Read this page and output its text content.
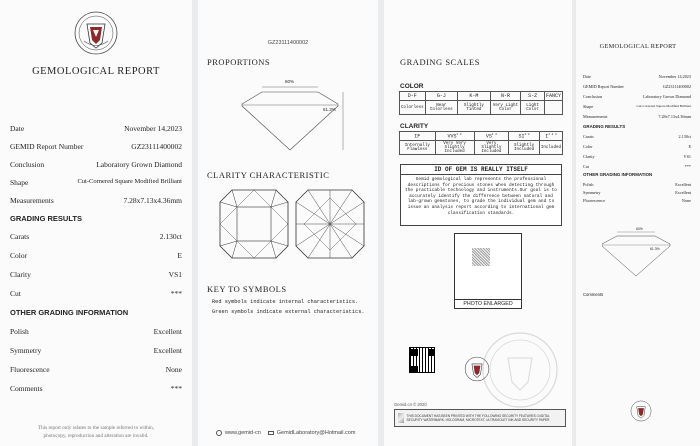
GEMOLOGICAL REPORT
Date	November 14,2023
GEMID Report Number	GZ23111400002
Conclusion	Laboratory Grown Diamond
Shape	Cut-Cornered Square Modified Brilliant
Measurements	7.28x7.13x4.36mm
GRADING RESULTS
Carats	2.130ct
Color	E
Clarity	VS1
Cut	***
OTHER GRADING INFORMATION
Polish	Excellent
Symmetry	Excellent
Fluorescence	None
Comments	***
This report only relates to the sample referred to within,
photocopy, reproduction and alteration are invalid.
GZ23111400002
PROPORTIONS
60%
61.3%
CLARITY CHARACTERISTIC
KEY TO SYMBOLS
Red symbols indicate internal characteristics.
Green symbols indicate external characteristics.
www.gemid-cn	GemidLaboratory@Hotmail.com
GRADING SCALES
COLOR
D-F	G-J	K-M	N-R	S-Z	FANCY
Colorless	Near Colorless	Slightly Tinted	Very Light Color	Light Color	
CLARITY
IF	$VVS^{1 2}$	$VS^{1 2}$	$SI^{1 2}$	$I^{1 2 3}$
Internally Flawless	Very Very Slightly Included	Very Slightly Included	Slightly Included	Included
ID OF GEM IS REALLY ITSELF
Gemid gemological lab represents the professional descriptions for precious stones when detecting through the practicable technology and instruments.Our goal is to accurately identify the difference between natural and lab-grown gemstones, to grade the individual gem and to issue an analysis report according to international gem classification standards.
PHOTO ENLARGED
Gemid.cn © 2020
THIS DOCUMENT HAS BEEN PRINTED WITH THE FOLLOWING SECURITY FEATURES: DIGITAL SECURITY WATERMARK, HOLOGRAM, MICROTEXT, ULTRAVIOLET INK AND SECURITY PAPER
GEMOLOGICAL REPORT
Date	November 14,2023
GEMID Report Number	GZ23111400002
Conclusion	Laboratory Grown Diamond
Shape	Cut-Cornered Square Modified Brilliant
Measurements	7.28x7.13x4.36mm
GRADING RESULTS
Carats	2.130ct
Color	E
Clarity	VS1
Cut	***
OTHER GRADING INFORMATION
Polish	Excellent
Symmetry	Excellent
Fluorescence	None
60%
61.3%
Comments
